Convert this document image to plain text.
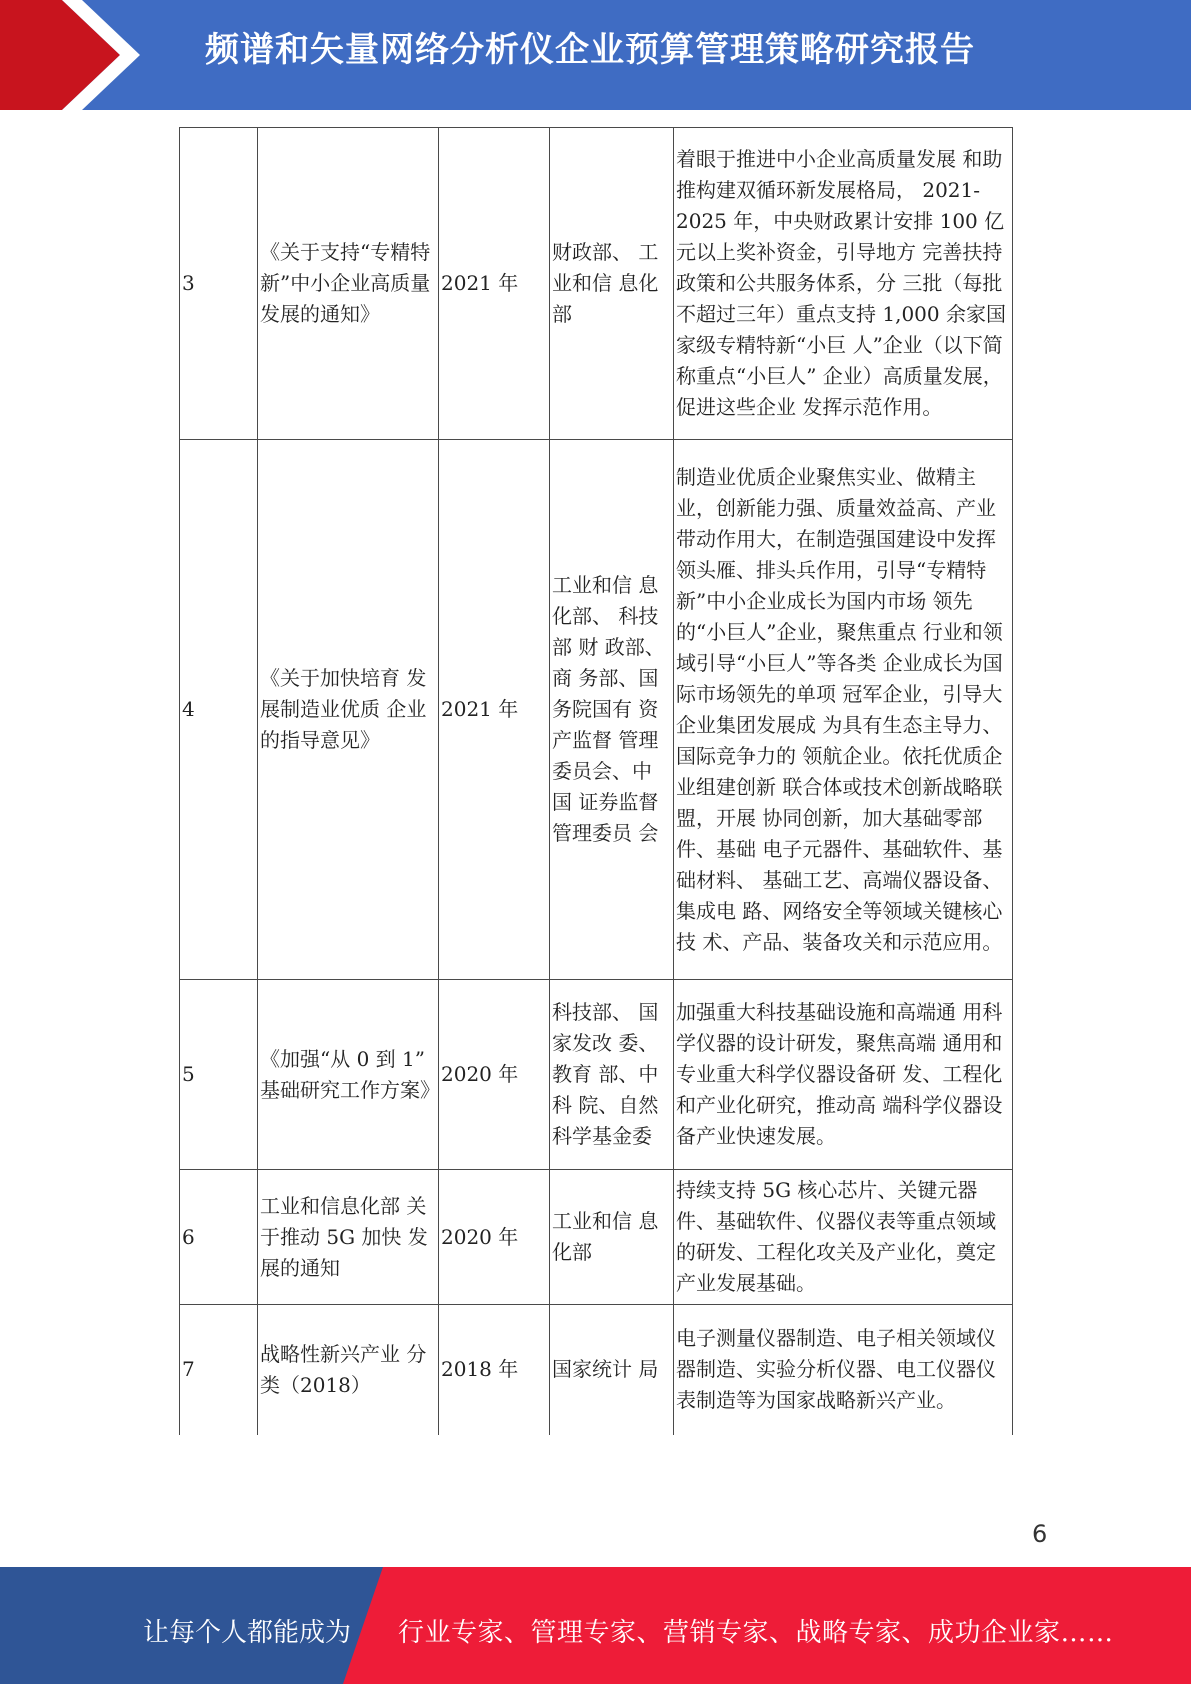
频谱和矢量网络分析仪企业预算管理策略研究报告
3	《关于支持“专精特新”中小企业高质量发展的通知》	2021 年	财政部、 工业和信 息化部	着眼于推进中小企业高质量发展 和助推构建双循环新发展格局， 2021-2025 年，中央财政累计安排 100 亿元以上奖补资金，引导地方 完善扶持政策和公共服务体系，分 三批（每批不超过三年）重点支持 1,000 余家国家级专精特新“小巨 人”企业（以下简称重点“小巨人” 企业）高质量发展，促进这些企业 发挥示范作用。
4	《关于加快培育 发展制造业优质 企业的指导意见》	2021 年	工业和信 息化部、 科技部 财 政部、商 务部、国 务院国有 资产监督 管理委员会、中国 证券监督 管理委员 会	制造业优质企业聚焦实业、做精主业，创新能力强、质量效益高、产业带动作用大，在制造强国建设中发挥领头雁、排头兵作用，引导“专精特新”中小企业成长为国内市场 领先的“小巨人”企业，聚焦重点 行业和领域引导“小巨人”等各类 企业成长为国际市场领先的单项 冠军企业，引导大企业集团发展成 为具有生态主导力、国际竞争力的 领航企业。依托优质企业组建创新 联合体或技术创新战略联盟，开展 协同创新，加大基础零部件、基础 电子元器件、基础软件、基础材料、 基础工艺、高端仪器设备、集成电 路、网络安全等领域关键核心技 术、产品、装备攻关和示范应用。
5	《加强“从 0 到 1” 基础研究工作方案》	2020 年	科技部、 国家发改 委、教育 部、中科 院、自然科学基金委	加强重大科技基础设施和高端通 用科学仪器的设计研发，聚焦高端 通用和专业重大科学仪器设备研 发、工程化和产业化研究，推动高 端科学仪器设备产业快速发展。
6	工业和信息化部 关于推动 5G 加快 发展的通知	2020 年	工业和信 息化部	持续支持 5G 核心芯片、关键元器件、基础软件、仪器仪表等重点领域的研发、工程化攻关及产业化，奠定产业发展基础。
7	战略性新兴产业 分类（2018）	2018 年	国家统计 局	电子测量仪器制造、电子相关领域仪器制造、实验分析仪器、电工仪器仪表制造等为国家战略新兴产业。
6
让每个人都能成为 行业专家、管理专家、营销专家、战略专家、成功企业家……
